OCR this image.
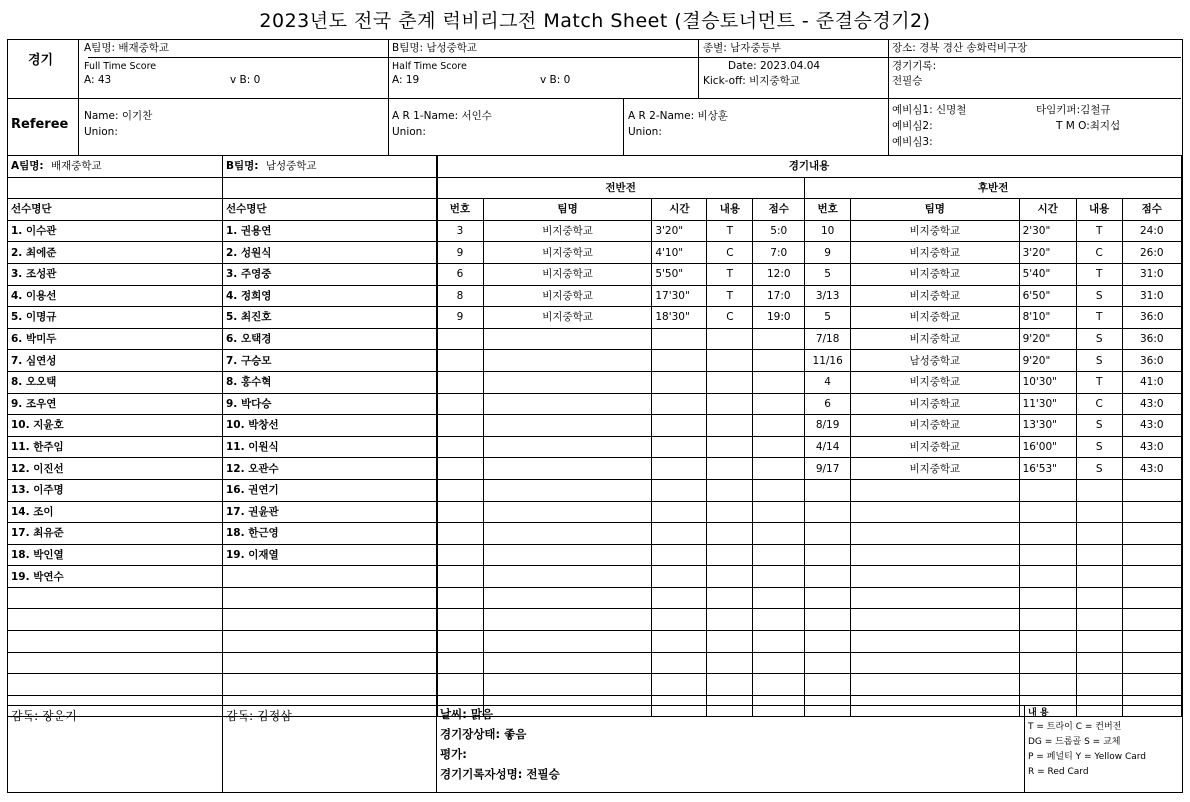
2023년도 전국 춘계 럭비리그전 Match Sheet (결승토너먼트 - 준결승경기2)
경기
A팀명: 배재중학교	B팀명: 남성중학교	종별: 남자중등부	장소: 경북 경산 송화럭비구장
Full Time Score
A: 43	v B: 0
Half Time Score
A: 19	v B: 0
Date: 2023.04.04
Kick-off: 비지중학교
경기기록:
전필승
Referee
Name: 이기찬
Union:
A R 1-Name: 서인수
Union:
A R 2-Name: 비상훈
Union:
예비심1: 신명철
예비심2:
예비심3:
타임키퍼:김철규
T M O:최지섭
A팀명: 배재중학교	B팀명: 남성중학교

선수명단	선수명단
1. 이수관	1. 권용연
2. 최에준	2. 성원식
3. 조성관	3. 주영중
4. 이용선	4. 정희영
5. 이명규	5. 최진호
6. 박미두	6. 오택경
7. 심연성	7. 구승모
8. 오오택	8. 홍수혁
9. 조우연	9. 박다승
10. 지윤호	10. 박창선
11. 한주임	11. 이원식
12. 이진선	12. 오관수
13. 이주명	16. 권연기
14. 조이	17. 권윤관
17. 최유준	18. 한근영
18. 박인열	19. 이재열
19. 박연수	

경기내용									
전반전					후반전				
번호	팀명	시간	내용	점수	번호	팀명	시간	내용	점수
3	비지중학교	3'20"	T	5:0	10	비지중학교	2'30"	T	24:0
9	비지중학교	4'10"	C	7:0	9	비지중학교	3'20"	C	26:0
6	비지중학교	5'50"	T	12:0	5	비지중학교	5'40"	T	31:0
8	비지중학교	17'30"	T	17:0	3/13	비지중학교	6'50"	S	31:0
9	비지중학교	18'30"	C	19:0	5	비지중학교	8'10"	T	36:0
					7/18	비지중학교	9'20"	S	36:0
					11/16	남성중학교	9'20"	S	36:0
					4	비지중학교	10'30"	T	41:0
					6	비지중학교	11'30"	C	43:0
					8/19	비지중학교	13'30"	S	43:0
					4/14	비지중학교	16'00"	S	43:0
					9/17	비지중학교	16'53"	S	43:0

감독: 장운기	감독: 김정삼	날씨: 맑음
경기장상태: 좋음
평가:
경기기록자성명: 전필승
내 용
T = 트라이 C = 컨버전
DG = 드롭골 S = 교체
P = 페널티 Y = Yellow Card
R = Red Card
